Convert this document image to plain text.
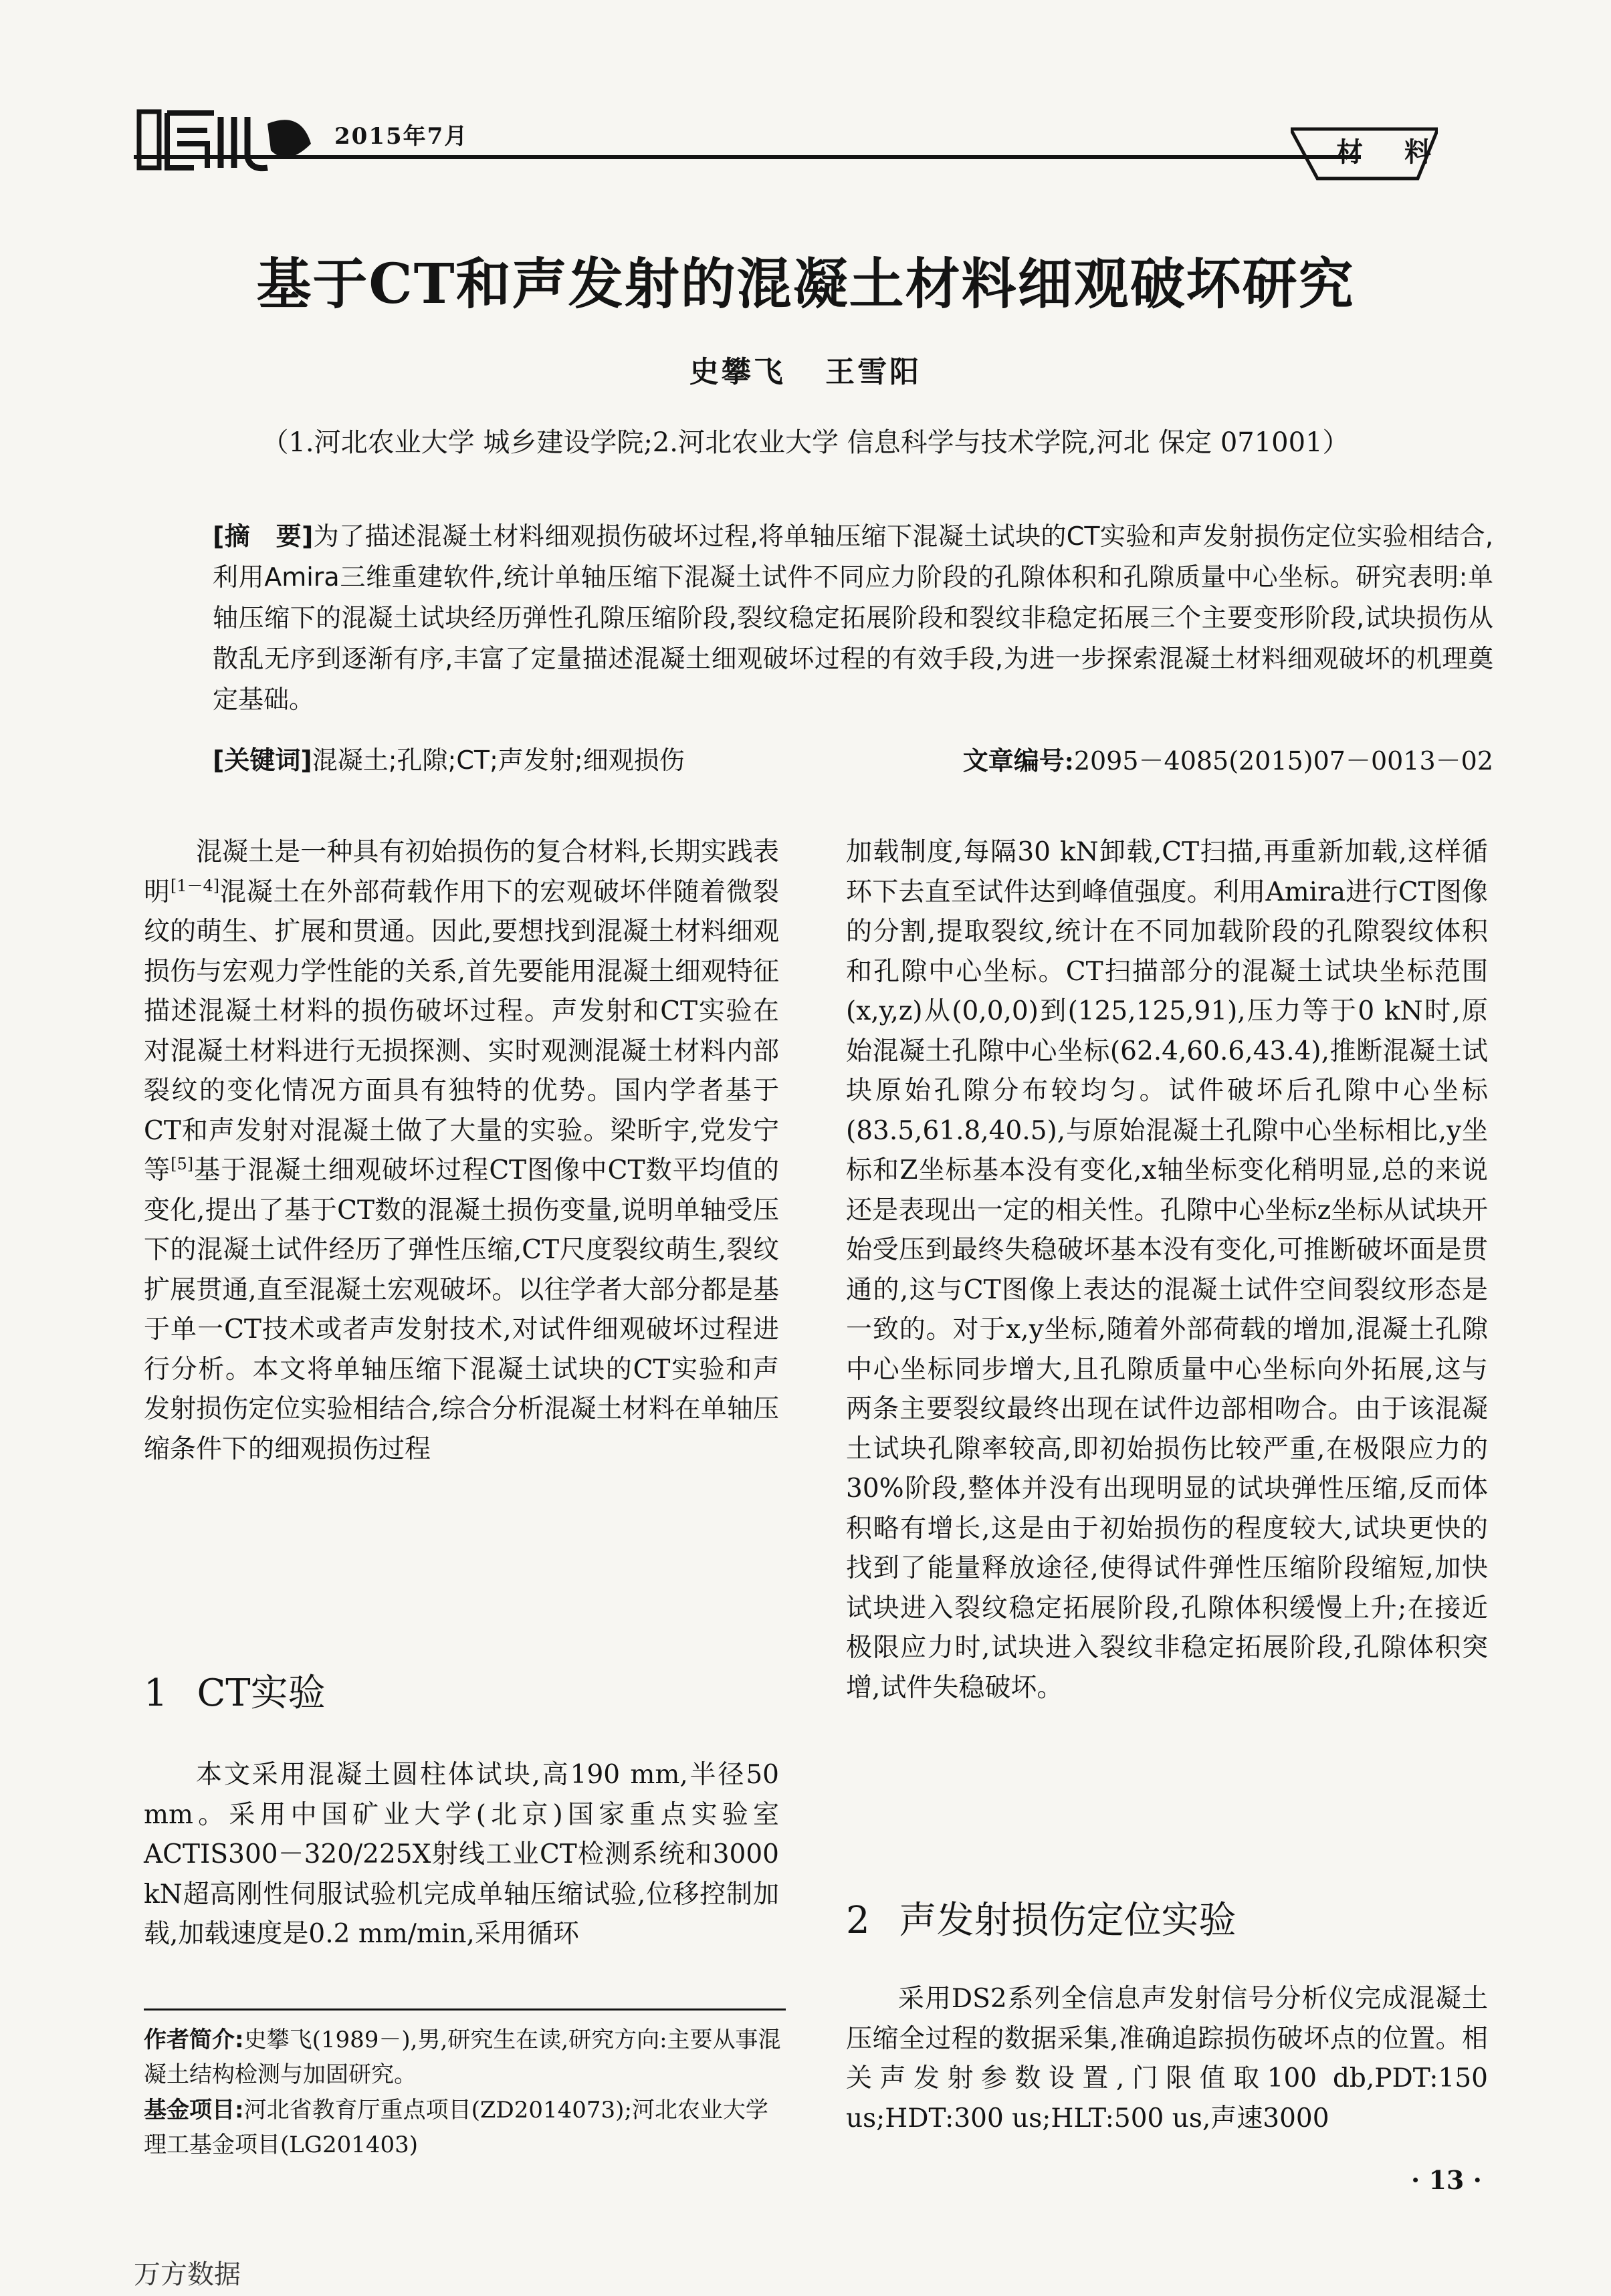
2015年7月	材料
基于CT和声发射的混凝土材料细观破坏研究
史攀飞 王雪阳
（1.河北农业大学 城乡建设学院;2.河北农业大学 信息科学与技术学院,河北 保定 071001）
[摘　要]为了描述混凝土材料细观损伤破坏过程,将单轴压缩下混凝土试块的CT实验和声发射损伤定位实验相结合,利用Amira三维重建软件,统计单轴压缩下混凝土试件不同应力阶段的孔隙体积和孔隙质量中心坐标。研究表明:单轴压缩下的混凝土试块经历弹性孔隙压缩阶段,裂纹稳定拓展阶段和裂纹非稳定拓展三个主要变形阶段,试块损伤从散乱无序到逐渐有序,丰富了定量描述混凝土细观破坏过程的有效手段,为进一步探索混凝土材料细观破坏的机理奠定基础。
[关键词]混凝土;孔隙;CT;声发射;细观损伤	文章编号:2095－4085(2015)07－0013－02

混凝土是一种具有初始损伤的复合材料,长期实践表明[1－4]混凝土在外部荷载作用下的宏观破坏伴随着微裂纹的萌生、扩展和贯通。因此,要想找到混凝土材料细观损伤与宏观力学性能的关系,首先要能用混凝土细观特征描述混凝土材料的损伤破坏过程。声发射和CT实验在对混凝土材料进行无损探测、实时观测混凝土材料内部裂纹的变化情况方面具有独特的优势。国内学者基于CT和声发射对混凝土做了大量的实验。梁昕宇,党发宁等[5]基于混凝土细观破坏过程CT图像中CT数平均值的变化,提出了基于CT数的混凝土损伤变量,说明单轴受压下的混凝土试件经历了弹性压缩,CT尺度裂纹萌生,裂纹扩展贯通,直至混凝土宏观破坏。以往学者大部分都是基于单一CT技术或者声发射技术,对试件细观破坏过程进行分析。本文将单轴压缩下混凝土试块的CT实验和声发射损伤定位实验相结合,综合分析混凝土材料在单轴压缩条件下的细观损伤过程

1 CT实验

本文采用混凝土圆柱体试块,高190 mm,半径50 mm。采用中国矿业大学(北京)国家重点实验室ACTIS300－320/225X射线工业CT检测系统和3000 kN超高刚性伺服试验机完成单轴压缩试验,位移控制加载,加载速度是0.2 mm/min,采用循环

作者简介:史攀飞(1989－),男,研究生在读,研究方向:主要从事混凝土结构检测与加固研究。
基金项目:河北省教育厅重点项目(ZD2014073);河北农业大学理工基金项目(LG201403)

加载制度,每隔30 kN卸载,CT扫描,再重新加载,这样循环下去直至试件达到峰值强度。利用Amira进行CT图像的分割,提取裂纹,统计在不同加载阶段的孔隙裂纹体积和孔隙中心坐标。CT扫描部分的混凝土试块坐标范围(x,y,z)从(0,0,0)到(125,125,91),压力等于0 kN时,原始混凝土孔隙中心坐标(62.4,60.6,43.4),推断混凝土试块原始孔隙分布较均匀。试件破坏后孔隙中心坐标(83.5,61.8,40.5),与原始混凝土孔隙中心坐标相比,y坐标和Z坐标基本没有变化,x轴坐标变化稍明显,总的来说还是表现出一定的相关性。孔隙中心坐标z坐标从试块开始受压到最终失稳破坏基本没有变化,可推断破坏面是贯通的,这与CT图像上表达的混凝土试件空间裂纹形态是一致的。对于x,y坐标,随着外部荷载的增加,混凝土孔隙中心坐标同步增大,且孔隙质量中心坐标向外拓展,这与两条主要裂纹最终出现在试件边部相吻合。由于该混凝土试块孔隙率较高,即初始损伤比较严重,在极限应力的30%阶段,整体并没有出现明显的试块弹性压缩,反而体积略有增长,这是由于初始损伤的程度较大,试块更快的找到了能量释放途径,使得试件弹性压缩阶段缩短,加快试块进入裂纹稳定拓展阶段,孔隙体积缓慢上升;在接近极限应力时,试块进入裂纹非稳定拓展阶段,孔隙体积突增,试件失稳破坏。

2 声发射损伤定位实验

采用DS2系列全信息声发射信号分析仪完成混凝土压缩全过程的数据采集,准确追踪损伤破坏点的位置。相关声发射参数设置,门限值取100 db,PDT:150 us;HDT:300 us;HLT:500 us,声速3000

· 13 ·
万方数据
